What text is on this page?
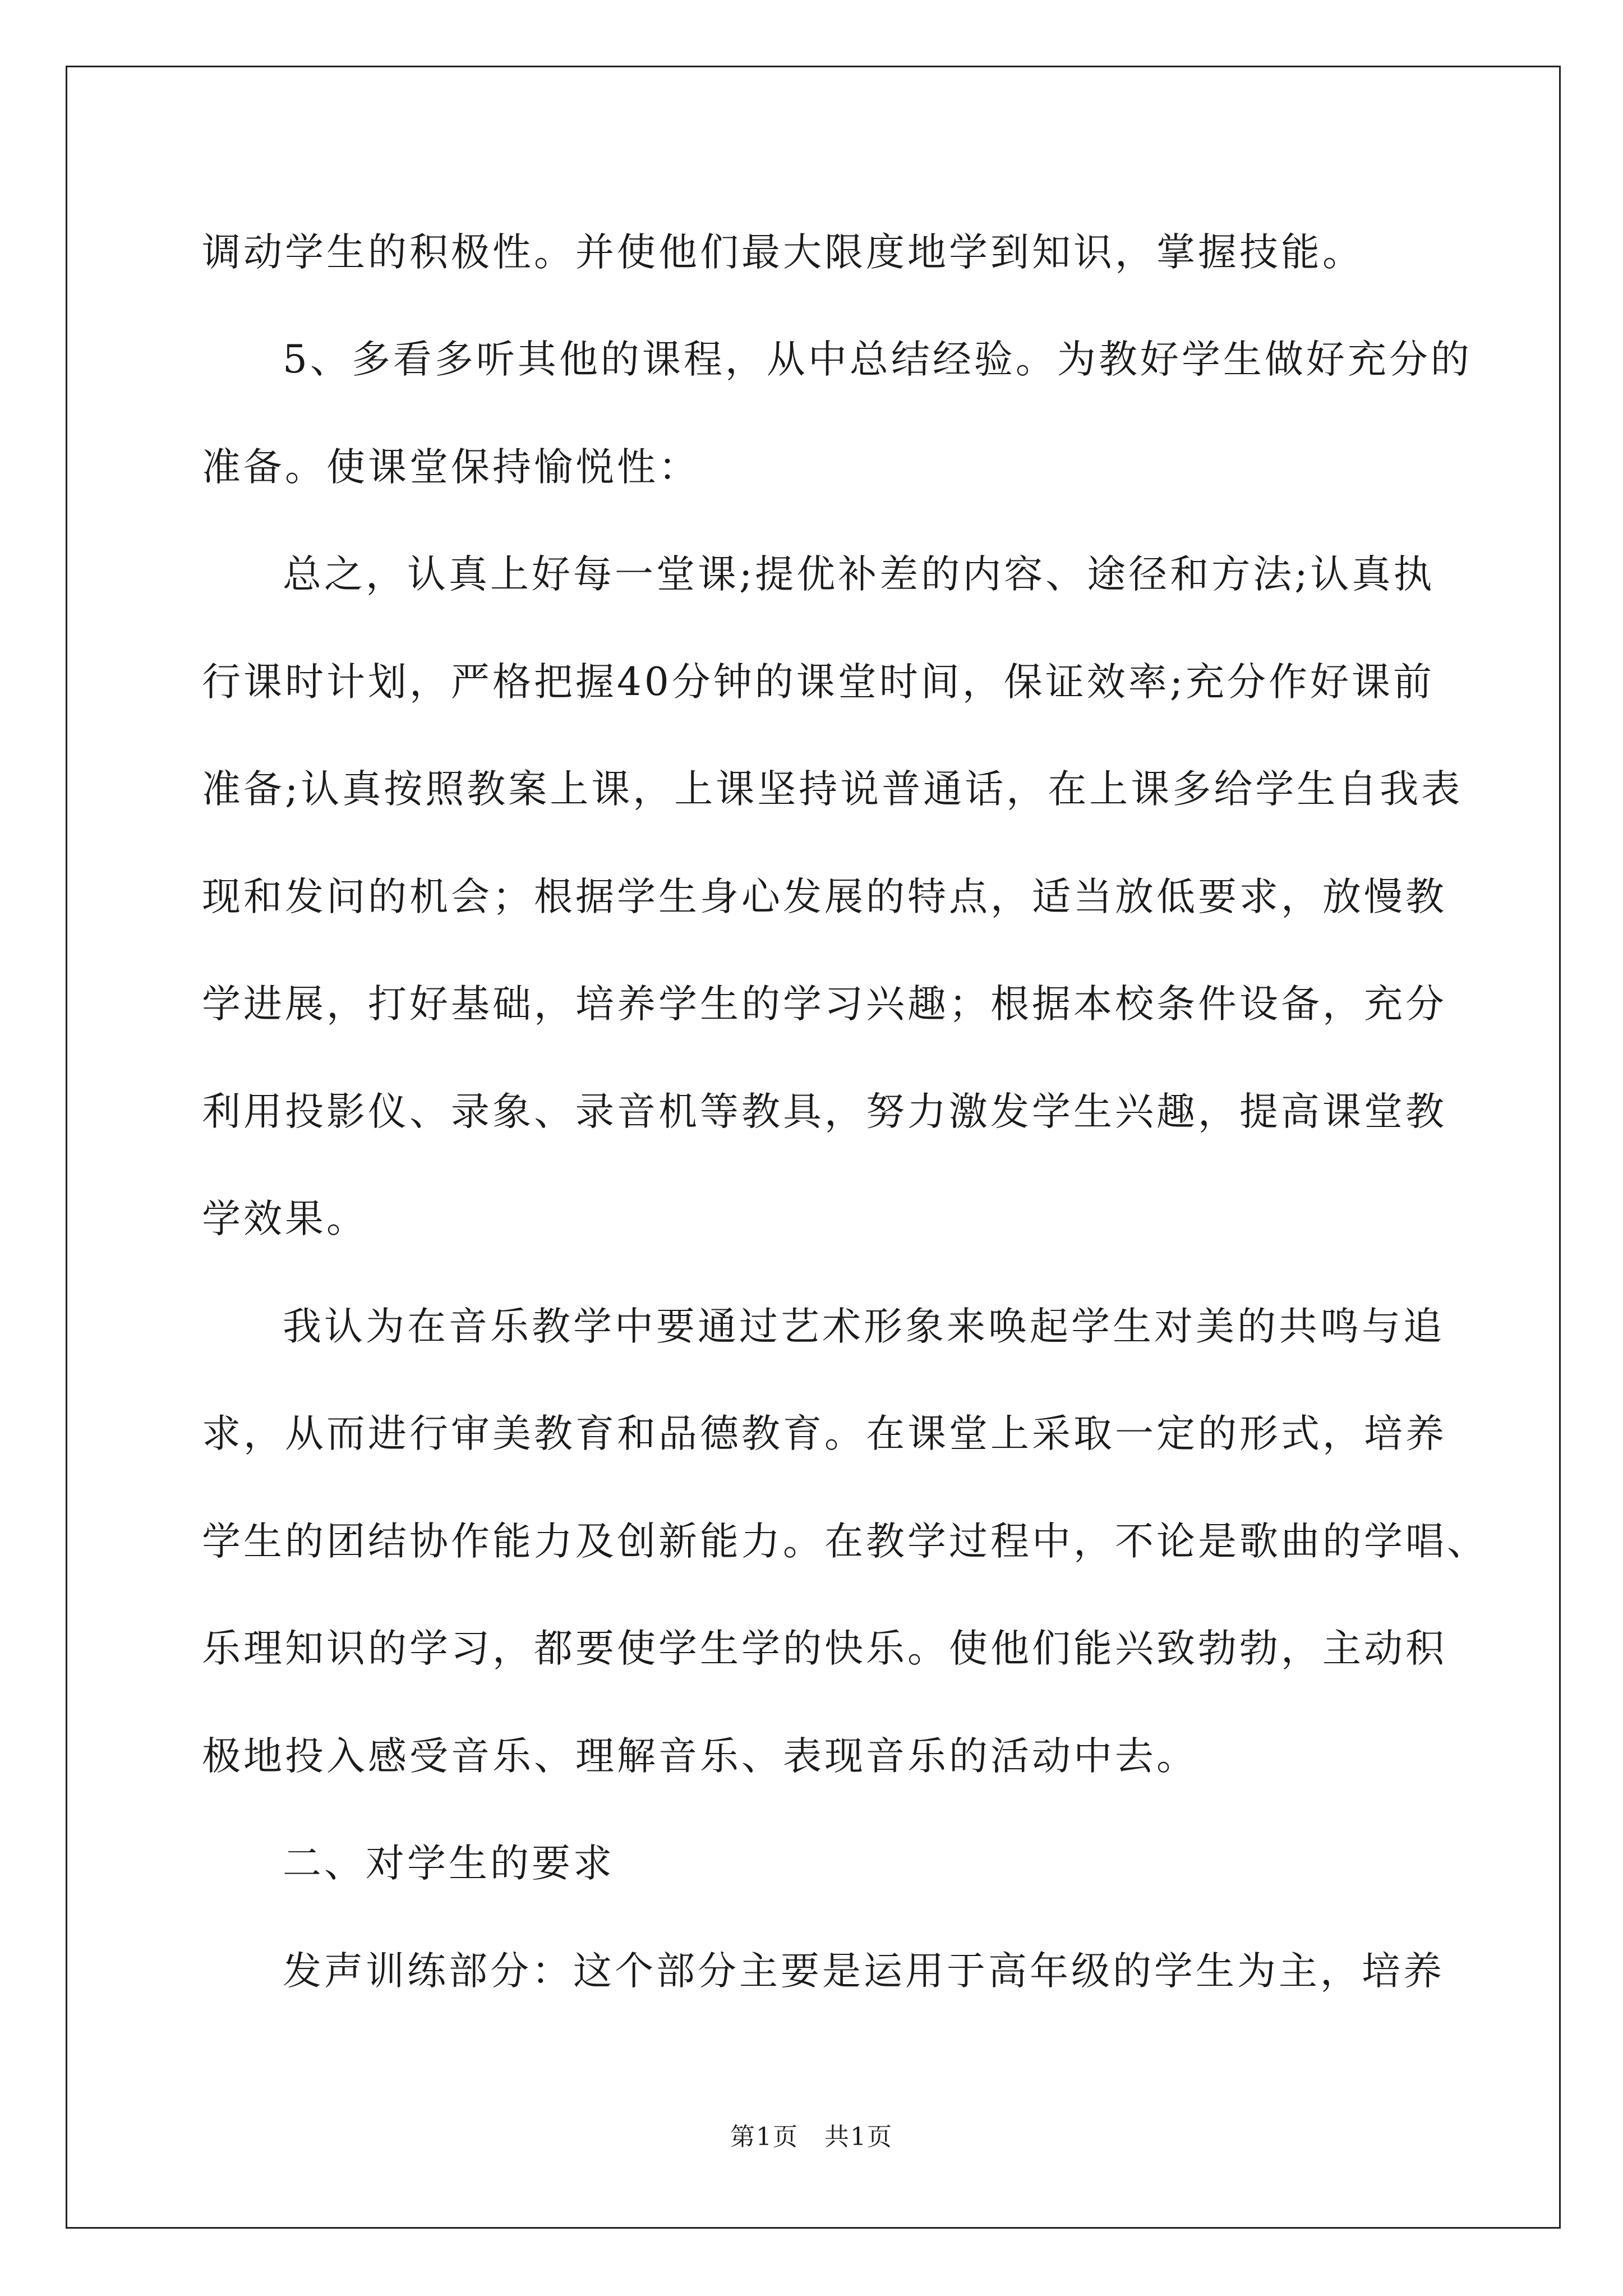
调动学生的积极性。并使他们最大限度地学到知识，掌握技能。
5、多看多听其他的课程，从中总结经验。为教好学生做好充分的
准备。使课堂保持愉悦性：
总之，认真上好每一堂课;提优补差的内容、途径和方法;认真执
行课时计划，严格把握40分钟的课堂时间，保证效率;充分作好课前
准备;认真按照教案上课，上课坚持说普通话，在上课多给学生自我表
现和发问的机会；根据学生身心发展的特点，适当放低要求，放慢教
学进展，打好基础，培养学生的学习兴趣；根据本校条件设备，充分
利用投影仪、录象、录音机等教具，努力激发学生兴趣，提高课堂教
学效果。
我认为在音乐教学中要通过艺术形象来唤起学生对美的共鸣与追
求，从而进行审美教育和品德教育。在课堂上采取一定的形式，培养
学生的团结协作能力及创新能力。在教学过程中，不论是歌曲的学唱、
乐理知识的学习，都要使学生学的快乐。使他们能兴致勃勃，主动积
极地投入感受音乐、理解音乐、表现音乐的活动中去。
二、对学生的要求
发声训练部分：这个部分主要是运用于高年级的学生为主，培养
第1页　共1页
